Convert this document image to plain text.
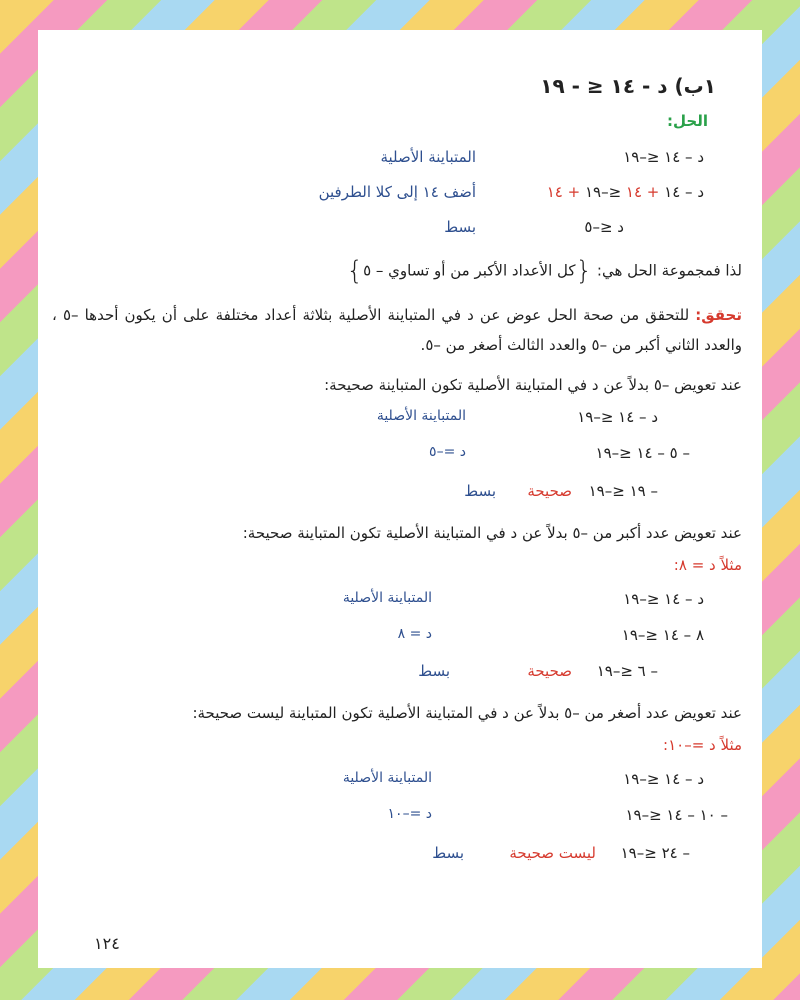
١ب) د - ١٤ ≤ - ١٩
الحل:
د – ١٤ ≤–١٩
المتباينة الأصلية
د – ١٤ + ١٤ ≤–١٩ + ١٤
أضف ١٤ إلى كلا الطرفين
د ≤–٥
بسط
لذا فمجموعة الحل هي: {كل الأعداد الأكبر من أو تساوي – ٥}
تحقق: للتحقق من صحة الحل عوض عن د في المتباينة الأصلية بثلاثة أعداد مختلفة على أن يكون أحدها –٥ ، والعدد الثاني أكبر من –٥ والعدد الثالث أصغر من –٥.
عند تعويض –٥ بدلاً عن د في المتباينة الأصلية تكون المتباينة صحيحة:
د – ١٤ ≤–١٩
المتباينة الأصلية
– ٥ – ١٤ ≤–١٩
د =–٥
– ١٩ ≤–١٩
صحيحة
بسط
عند تعويض عدد أكبر من –٥ بدلاً عن د في المتباينة الأصلية تكون المتباينة صحيحة:
مثلاً د = ٨:
د – ١٤ ≤–١٩
المتباينة الأصلية
٨ – ١٤ ≤–١٩
د = ٨
– ٦ ≤–١٩
صحيحة
بسط
عند تعويض عدد أصغر من –٥ بدلاً عن د في المتباينة الأصلية تكون المتباينة ليست صحيحة:
مثلاً د =–١٠:
د – ١٤ ≤–١٩
المتباينة الأصلية
– ١٠ – ١٤ ≤–١٩
د =–١٠
– ٢٤ ≤–١٩
ليست صحيحة
بسط
١٢٤
